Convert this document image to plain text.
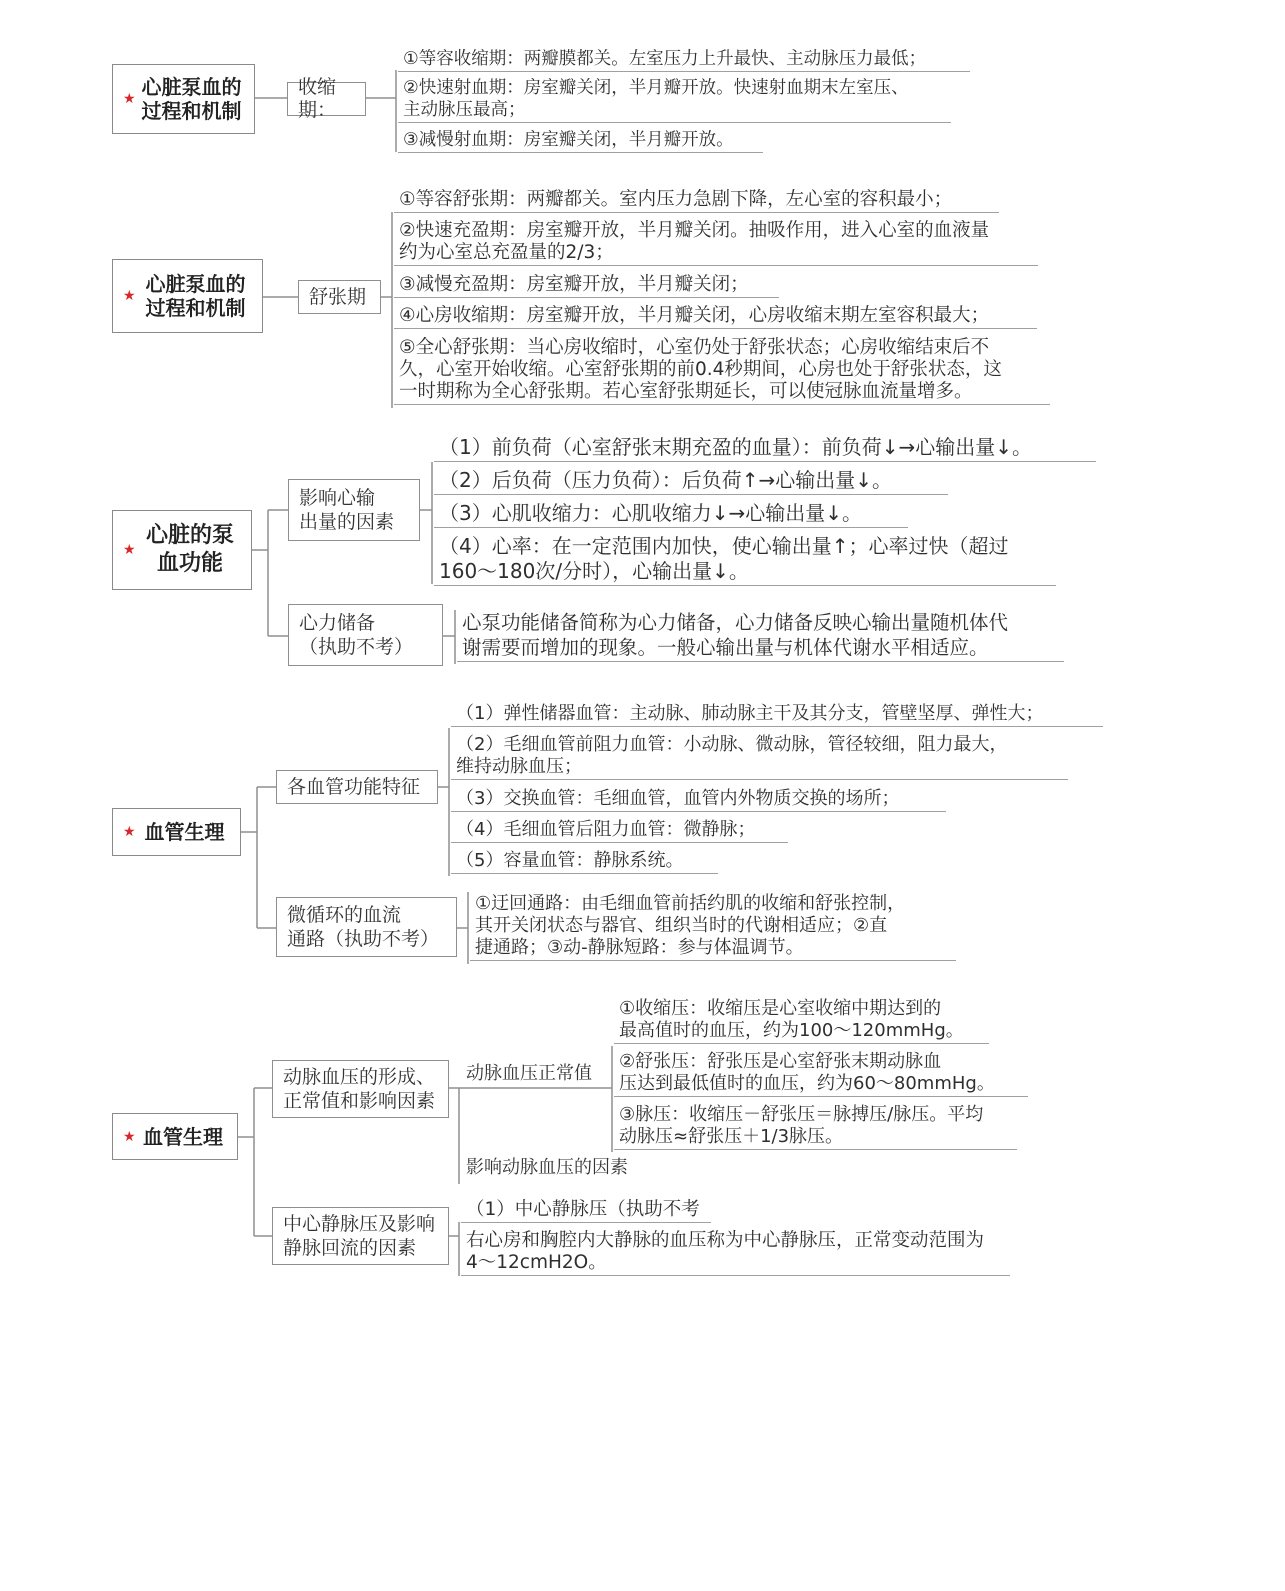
★ 心脏泵血的
过程和机制
收缩期：
①等容收缩期：两瓣膜都关。左室压力上升最快、主动脉压力最低；
②快速射血期：房室瓣关闭，半月瓣开放。快速射血期末左室压、
主动脉压最高；
③减慢射血期：房室瓣关闭，半月瓣开放。
★ 心脏泵血的
过程和机制	舒张期
①等容舒张期：两瓣都关。室内压力急剧下降，左心室的容积最小；
②快速充盈期：房室瓣开放，半月瓣关闭。抽吸作用，进入心室的血液量
约为心室总充盈量的2/3；
③减慢充盈期：房室瓣开放，半月瓣关闭；
④心房收缩期：房室瓣开放，半月瓣关闭，心房收缩末期左室容积最大；
⑤全心舒张期：当心房收缩时，心室仍处于舒张状态；心房收缩结束后不
久，心室开始收缩。心室舒张期的前0.4秒期间，心房也处于舒张状态，这
一时期称为全心舒张期。若心室舒张期延长，可以使冠脉血流量增多。
★
心脏的泵
血功能
影响心输
出量的因素
（1）前负荷（心室舒张末期充盈的血量）：前负荷↓→心输出量↓。
（2）后负荷（压力负荷）：后负荷↑→心输出量↓。
（3）心肌收缩力：心肌收缩力↓→心输出量↓。
（4）心率：在一定范围内加快，使心输出量↑；心率过快（超过
160～180次/分时），心输出量↓。
心力储备
（执助不考）
心泵功能储备简称为心力储备，心力储备反映心输出量随机体代
谢需要而增加的现象。一般心输出量与机体代谢水平相适应。
★ 血管生理
各血管功能特征
（1）弹性储器血管：主动脉、肺动脉主干及其分支，管壁坚厚、弹性大；
（2）毛细血管前阻力血管：小动脉、微动脉，管径较细，阻力最大，
维持动脉血压；
（3）交换血管：毛细血管，血管内外物质交换的场所；
（4）毛细血管后阻力血管：微静脉；
（5）容量血管：静脉系统。
微循环的血流
通路（执助不考）
①迂回通路：由毛细血管前括约肌的收缩和舒张控制，
其开关闭状态与器官、组织当时的代谢相适应；②直
捷通路；③动-静脉短路：参与体温调节。
★ 血管生理
动脉血压的形成、
正常值和影响因素
动脉血压正常值
①收缩压：收缩压是心室收缩中期达到的
最高值时的血压，约为100～120mmHg。
②舒张压：舒张压是心室舒张末期动脉血
压达到最低值时的血压，约为60～80mmHg。
③脉压：收缩压－舒张压＝脉搏压/脉压。平均
动脉压≈舒张压＋1/3脉压。
影响动脉血压的因素
中心静脉压及影响
静脉回流的因素
（1）中心静脉压（执助不考
右心房和胸腔内大静脉的血压称为中心静脉压，正常变动范围为
4～12cmH2O。
